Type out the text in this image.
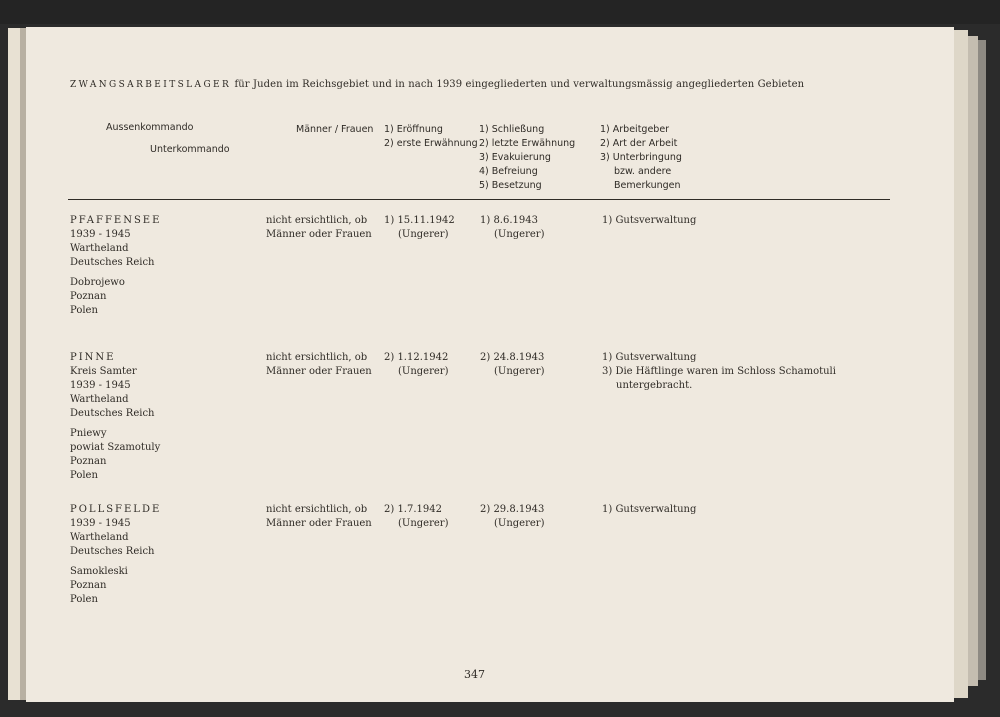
ZWANGSARBEITSLAGER für Juden im Reichsgebiet und in nach 1939 eingegliederten und verwaltungsmässig angegliederten Gebieten
Aussenkommando
Unterkommando
Männer / Frauen 1) Eröffnung
2) erste Erwähnung
1) Schließung
2) letzte Erwähnung
3) Evakuierung
4) Befreiung
5) Besetzung
1) Arbeitgeber
2) Art der Arbeit
3) Unterbringung
bzw. andere
Bemerkungen
PFAFFENSEE
1939 - 1945
Wartheland
Deutsches Reich
Dobrojewo
Poznan
Polen
nicht ersichtlich, ob
Männer oder Frauen
1) 15.11.1942
(Ungerer)
1) 8.6.1943
(Ungerer)
1) Gutsverwaltung
PINNE
Kreis Samter
1939 - 1945
Wartheland
Deutsches Reich
Pniewy
powiat Szamotuly
Poznan
Polen
nicht ersichtlich, ob
Männer oder Frauen
2) 1.12.1942
(Ungerer)
2) 24.8.1943
(Ungerer)
1) Gutsverwaltung
3) Die Häftlinge waren im Schloss Schamotuli
untergebracht.
POLLSFELDE
1939 - 1945
Wartheland
Deutsches Reich
Samokleski
Poznan
Polen
nicht ersichtlich, ob
Männer oder Frauen
2) 1.7.1942
(Ungerer)
2) 29.8.1943
(Ungerer)
1) Gutsverwaltung
347
